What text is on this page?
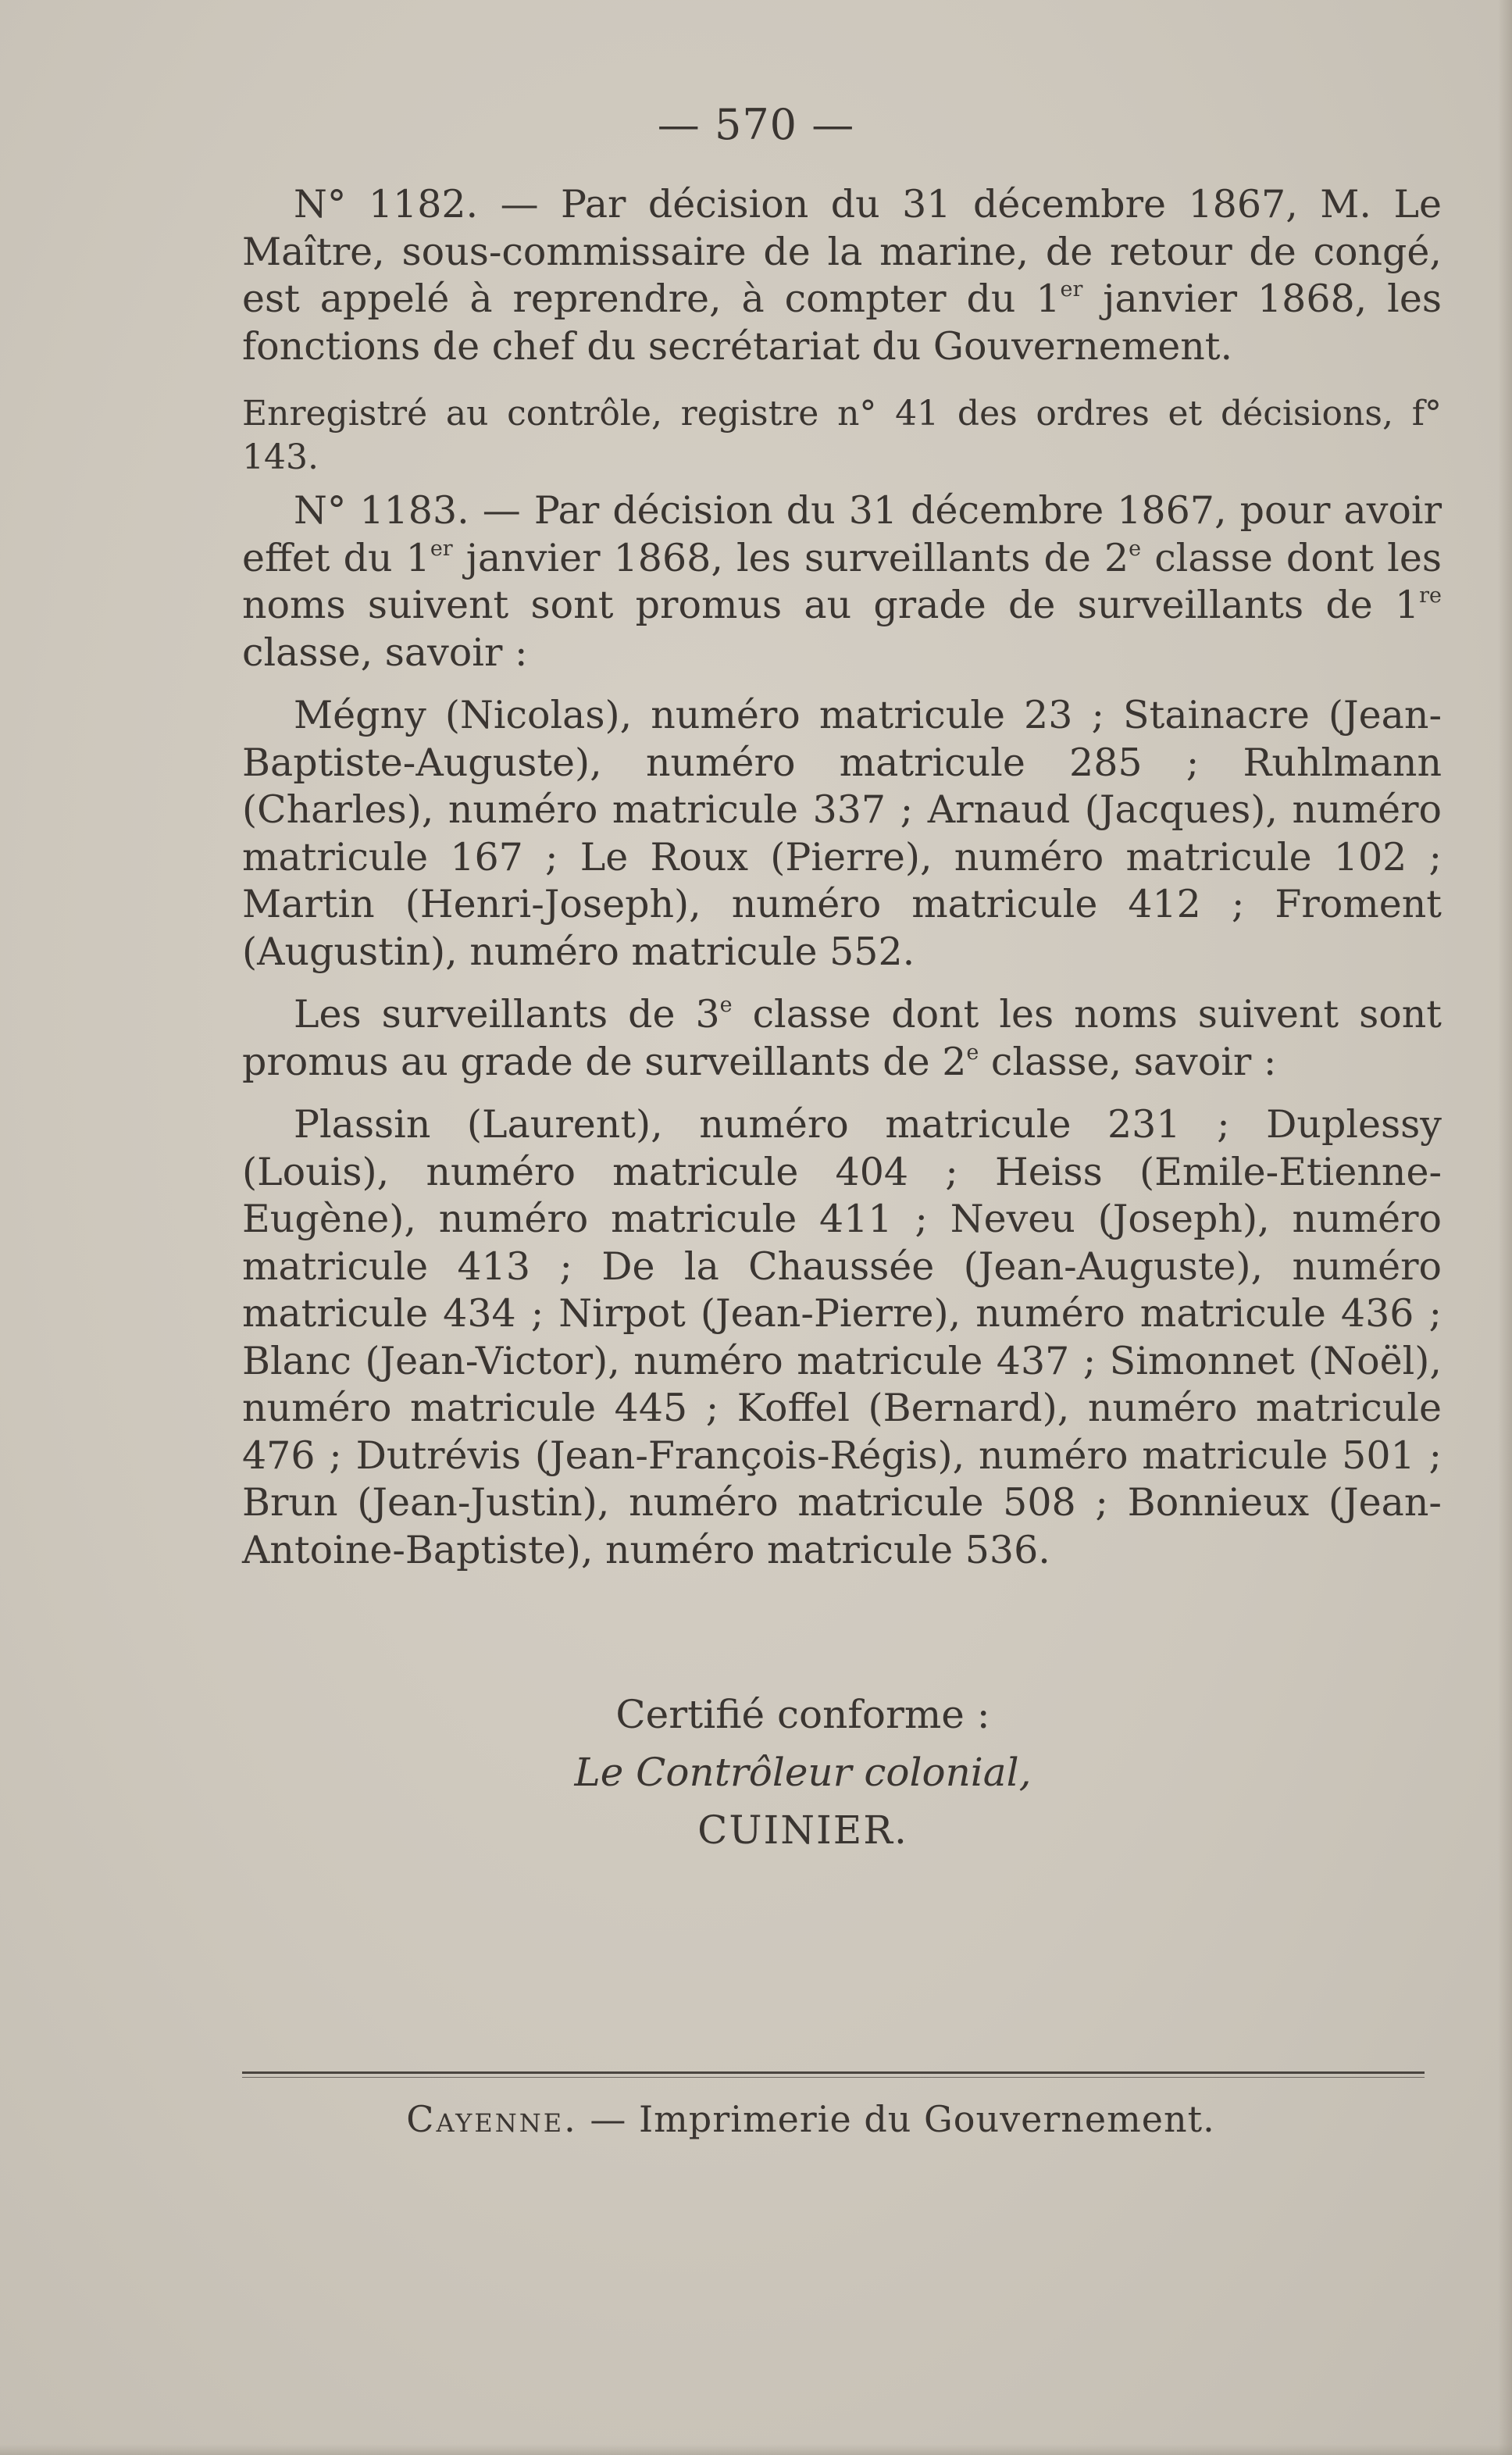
— 570 —

N° 1182. — Par décision du 31 décembre 1867, M. Le Maître, sous-commissaire de la marine, de retour de congé, est appelé à reprendre, à compter du 1er janvier 1868, les fonctions de chef du secrétariat du Gouvernement.

Enregistré au contrôle, registre n° 41 des ordres et décisions, f° 143.

N° 1183. — Par décision du 31 décembre 1867, pour avoir effet du 1er janvier 1868, les surveillants de 2e classe dont les noms suivent sont promus au grade de surveillants de 1re classe, savoir :

Mégny (Nicolas), numéro matricule 23 ; Stainacre (Jean-Baptiste-Auguste), numéro matricule 285 ; Ruhlmann (Charles), numéro matricule 337 ; Arnaud (Jacques), numéro matricule 167 ; Le Roux (Pierre), numéro matricule 102 ; Martin (Henri-Joseph), numéro matricule 412 ; Froment (Augustin), numéro matricule 552.

Les surveillants de 3e classe dont les noms suivent sont promus au grade de surveillants de 2e classe, savoir :

Plassin (Laurent), numéro matricule 231 ; Duplessy (Louis), numéro matricule 404 ; Heiss (Emile-Etienne-Eugène), numéro matricule 411 ; Neveu (Joseph), numéro matricule 413 ; De la Chaussée (Jean-Auguste), numéro matricule 434 ; Nirpot (Jean-Pierre), numéro matricule 436 ; Blanc (Jean-Victor), numéro matricule 437 ; Simonnet (Noël), numéro matricule 445 ; Koffel (Bernard), numéro matricule 476 ; Dutrévis (Jean-François-Régis), numéro matricule 501 ; Brun (Jean-Justin), numéro matricule 508 ; Bonnieux (Jean-Antoine-Baptiste), numéro matricule 536.

Certifié conforme :
Le Contrôleur colonial,
CUINIER.
Cayenne. — Imprimerie du Gouvernement.
